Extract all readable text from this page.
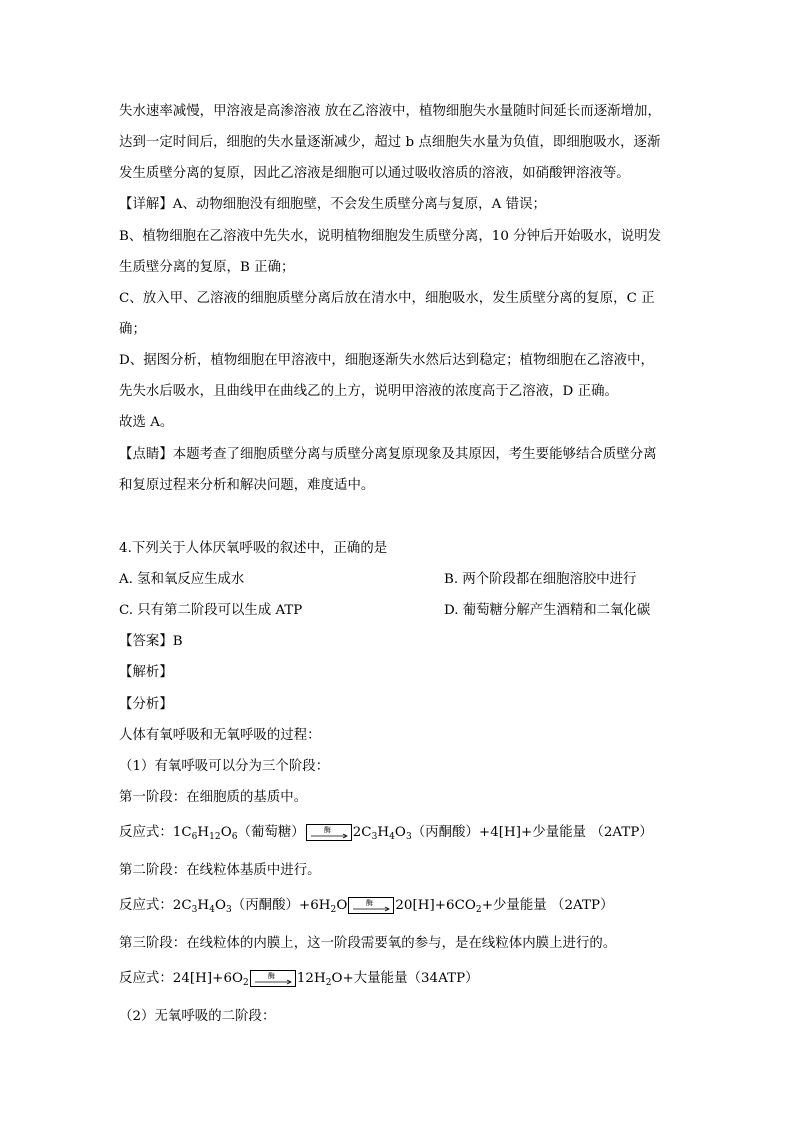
失水速率减慢，甲溶液是高渗溶液 放在乙溶液中，植物细胞失水量随时间延长而逐渐增加，
达到一定时间后，细胞的失水量逐渐减少，超过 b 点细胞失水量为负值，即细胞吸水，逐渐
发生质壁分离的复原，因此乙溶液是细胞可以通过吸收溶质的溶液，如硝酸钾溶液等。
【详解】A、动物细胞没有细胞壁，不会发生质壁分离与复原，A 错误；
B、植物细胞在乙溶液中先失水，说明植物细胞发生质壁分离，10 分钟后开始吸水，说明发
生质壁分离的复原，B 正确；
C、放入甲、乙溶液的细胞质壁分离后放在清水中，细胞吸水，发生质壁分离的复原，C 正
确；
D、据图分析，植物细胞在甲溶液中，细胞逐渐失水然后达到稳定；植物细胞在乙溶液中，
先失水后吸水，且曲线甲在曲线乙的上方，说明甲溶液的浓度高于乙溶液，D 正确。
故选 A。
【点睛】本题考查了细胞质壁分离与质壁分离复原现象及其原因，考生要能够结合质壁分离
和复原过程来分析和解决问题，难度适中。
4.下列关于人体厌氧呼吸的叙述中，正确的是
A. 氢和氧反应生成水	B. 两个阶段都在细胞溶胶中进行
C. 只有第二阶段可以生成 ATP	D. 葡萄糖分解产生酒精和二氧化碳
【答案】B
【解析】
【分析】
人体有氧呼吸和无氧呼吸的过程：
（1）有氧呼吸可以分为三个阶段：
第一阶段：在细胞质的基质中。
反应式：$1C_6H_{12}O_6$（葡萄糖）	酶 $2C_3H_4O_3$（丙酮酸）+4[H]+少量能量 （2ATP）
第二阶段：在线粒体基质中进行。
反应式：$2C_3H_4O_3$（丙酮酸）$+6H_2O$	酶 $20[H]+6CO_2+$少量能量 （2ATP）
第三阶段：在线粒体的内膜上，这一阶段需要氧的参与，是在线粒体内膜上进行的。
反应式：$24[H]+6O_2$
酶 $12H_2O+$大量能量（34ATP）
（2）无氧呼吸的二阶段：
